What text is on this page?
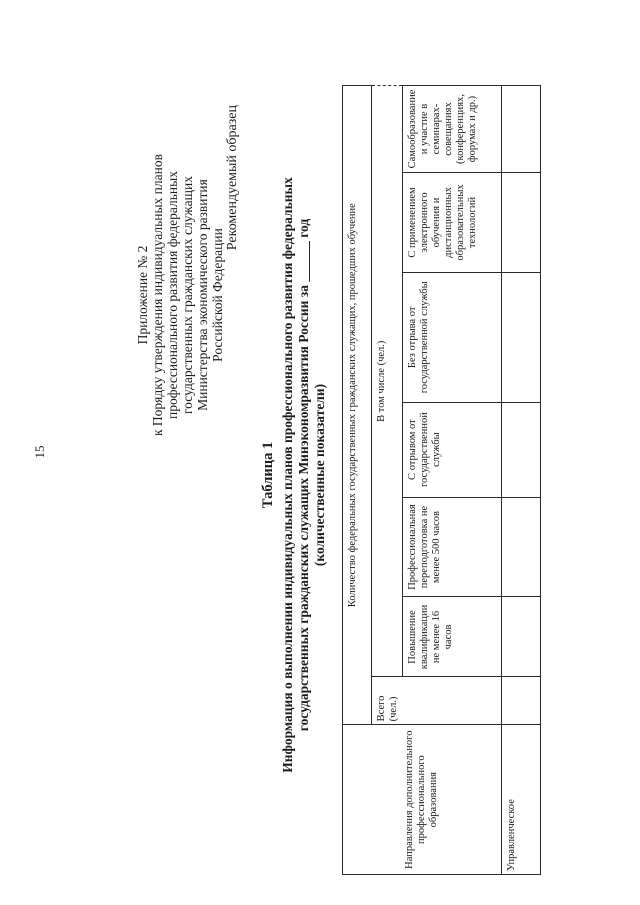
15
Приложение № 2 к Порядку утверждения индивидуальных планов профессионального развития федеральных государственных гражданских служащих Министерства экономического развития Российской Федерации
Рекомендуемый образец
Таблица 1 Информация о выполнении индивидуальных планов профессионального развития федеральных государственных гражданских служащих Минэкономразвития России за ______ год (количественные показатели)
Направления дополнительного профессионального образования	Количество федеральных государственных гражданских служащих, прошедших обучение						
	Всего (чел.)	В том числе (чел.)					
		Повышение квалификации не менее 16 часов	Профессиональная переподготовка не менее 500 часов	С отрывом от государственной службы	Без отрыва от государственной службы	С применением электронного обучения и дистанционных образовательных технологий	Самообразование и участие в семинарах-совещаниях (конференциях, форумах и др.)
Управленческое							
